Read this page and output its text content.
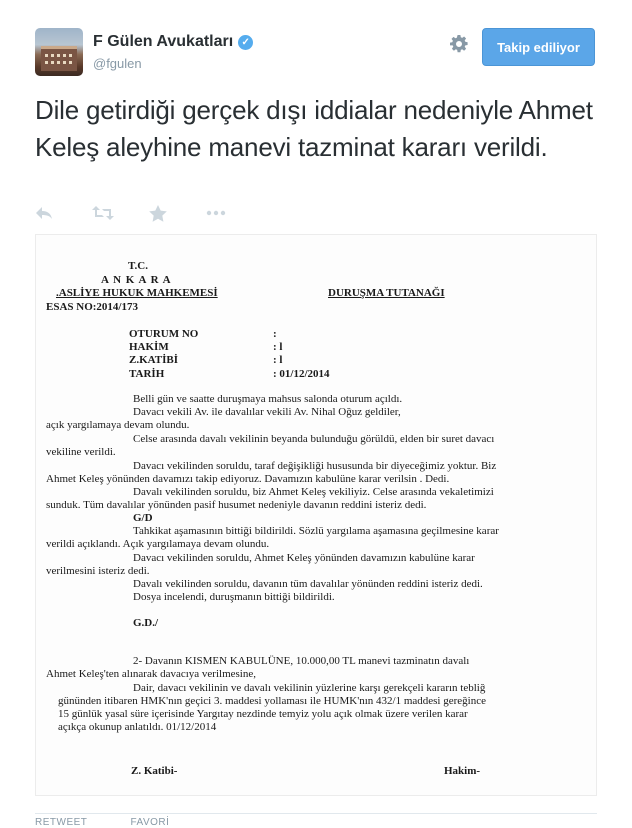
F Gülen Avukatları ✓
@fgulen
Takip ediliyor
Dile getirdiği gerçek dışı iddialar nedeniyle Ahmet Keleş aleyhine manevi tazminat kararı verildi.
T.C.
A N K A R A
.ASLİYE HUKUK MAHKEMESİ	DURUŞMA TUTANAĞI
ESAS NO:2014/173
OTURUM NO	:
HAKİM	: l
Z.KATİBİ	: l
TARİH	: 01/12/2014
Belli gün ve saatte duruşmaya mahsus salonda oturum açıldı.
Davacı vekili Av. ile davalılar vekili Av. Nihal Oğuz geldiler,
açık yargılamaya devam olundu.
Celse arasında davalı vekilinin beyanda bulunduğu görüldü, elden bir suret davacı
vekiline verildi.
Davacı vekilinden soruldu, taraf değişikliği hususunda bir diyeceğimiz yoktur. Biz
Ahmet Keleş yönünden davamızı takip ediyoruz. Davamızın kabulüne karar verilsin . Dedi.
Davalı vekilinden soruldu, biz Ahmet Keleş vekiliyiz. Celse arasında vekaletimizi
sunduk. Tüm davalılar yönünden pasif husumet nedeniyle davanın reddini isteriz dedi.
G/D
Tahkikat aşamasının bittiği bildirildi. Sözlü yargılama aşamasına geçilmesine karar
verildi açıklandı. Açık yargılamaya devam olundu.
Davacı vekilinden soruldu, Ahmet Keleş yönünden davamızın kabulüne karar
verilmesini isteriz dedi.
Davalı vekilinden soruldu, davanın tüm davalılar yönünden reddini isteriz dedi.
Dosya incelendi, duruşmanın bittiği bildirildi.
G.D./
2- Davanın KISMEN KABULÜNE, 10.000,00 TL manevi tazminatın davalı
Ahmet Keleş'ten alınarak davacıya verilmesine,
Dair, davacı vekilinin ve davalı vekilinin yüzlerine karşı gerekçeli kararın tebliğ
gününden itibaren HMK'nın geçici 3. maddesi yollaması ile HUMK'nın 432/1 maddesi gereğince
15 günlük yasal süre içerisinde Yargıtay nezdinde temyiz yolu açık olmak üzere verilen karar
açıkça okunup anlatıldı. 01/12/2014
Z. Katibi-	Hakim-
RETWEET	FAVORİ
